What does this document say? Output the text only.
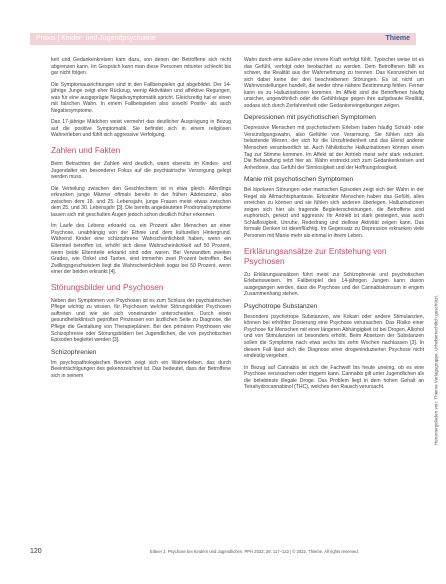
Praxis | Kinder- und Jugendpsychiatrie	Thieme

keit und Gedankenkreisen kam dazu, von denen der Betroffene sich nicht abgrenzen kann. Im Gespräch kann man diese Personen mitunter schlecht bis gar nicht folgen.

Die Symptomausrichtungen sind in den Fallbeispielen gut abgebildet. Der 14-jährige Junge zeigt eher Rückzug, wenig Aktivitäten und affektive Regungen, was für eine ausgeprägte Negativsymptomatik spricht. Gleichzeitig hat er einen mit falschen Wahn. In einem Fallbeispielen also sowohl Positiv- als auch Negativsymptome.

Das 17-jährige Mädchen weist vermehrt das deutlicher Ausprägung in Bezug auf die positive Symptomatik. Sie befindet sich in einem religiösen Wahnerleben und fühlt sich aggressive Verfolgung.

Zahlen und Fakten

Beim Betrachten der Zahlen wird deutlich, wann ebereits im Kindes- und Jugendalter ein besonderer Fokus auf die psychiatrische Versorgung gelegt werden muss.

Die Verteilung zwischen den Geschlechtern ist in etwa gleich. Allerdings erkranken junge Männer oftmals bereits in der frühen Adoleszenz, also zwischen dem 18. und 25. Lebensjahr, junge Frauen meist etwas zwischen dem 25. und 30. Lebensjahr [3]. Die bereits angedeuteten Prodromalsymptome lassen sich mit geschulten Augen jedoch schon deutlich früher erkennen.

Im Laufe des Lebens erkrankt ca. ein Prozent aller Menschen an einer Psychose, unabhängig von der Ethnie und dem kulturellen Hintergrund. Während Kinder eine schizophrene Wahrscheinlichkeit haben, wenn ein Elternteil betroffen ist, erhöht sich diese Wahrscheinlichkeit auf 50 Prozent, wenn beide Elternteile erkrankt sind oder waren. Bei Verwandten zweiten Grades, wie Onkel und Tanten, sind immerhin zwei Prozent betroffen. Bei Zwillingsgeschwistern liegt die Wahrscheinlichkeit sogar bei 50 Prozent, wenn einer der beiden erkrankt [4].

Störungsbilder und Psychosen

Neben den Symptomen von Psychosen ist es zum Schluss der psychiatrischen Pflege wichtig zu wissen, für Psychosen welcher Störungsbilder Psychosen auftreten und wie sie sich voneinander unterscheiden. Durch einen gesundheitsklinisch geprüften Prozessen von ärztlichen Seite zu Diagnose, die Pflege die Gestaltung von Therapieplänen. Bei den primären Psychosen wie Schizophrenie oder Störungsbildern bei Jugendlichen, die von psychotischen Episoden begleitet werden [3].

Schizophrenien

Im psychopathologischen Bereich zeigt sich ein Wahnerleben, das durch Beeinträchtigungen des gekennzeichnet ist. Das bedeutet, dass der Betroffene sich in seinem

Wahn durch eine äußere oder innere Kraft verfolgt fühlt. Typischer weise ist es das Gefühl, verfolgt oder beobachtet zu werden. Dem Betroffenen fällt es schwer, die Realität aus der Wahrnehmung zu trennen. Das Kennzeichen ist sich dabei keine der drei beschriebenen Störungen. Es ist nicht um Wahnvorstellungen handelt, die weder ohne nähere Bestimmung fehlen. Ferner kann es zu Halluzinationen kommen. Im Affekt sind die Betroffenen häufig unsicher, ungewöhnlich oder die Gefühlslage gegen ihre aufgebaute Realität, sodass sich durch Zerfahrenheit oder Gedankeneingebungen zeigen.

Depressionen mit psychotischen Symptomen

Depressive Menschen mit psychotischem Erleben haben häufig Schuld- oder Versündigungswahn, also Gefühle von Verarmung. Sie fühlen sich als belastende Wesen, der sich für die Unzufriedenheit und das Elend anderer Menschen verantwortlich ist. Auch Nihilistische Halluzinationen können einen Tag zur Stimme kommen. Im Affekt ist der Antrieb meist sehr stark reduziert. Die Behandlung setzt hier an. Wahn erstreckt sich zum Gedankenkreisen und Anhedonie, das Gefühl der Sinnlosigkeit und der Hoffnungslosigkeit.

Manie mit psychotischen Symptomen

Bei bipolaren Störungen oder manischen Episoden zeigt sich der Wahn in der Regel als Allmachtsphantasie. Erkrankte Menschen haben das Gefühl, alles erreichen zu können und sie fühlen sich anderen überlegen. Halluzinationen zeigen sich hier als tragende Begleiterscheinungen, die Betroffene sind euphorisch, gereizt und aggressiv. Ihr Antrieb ist stark gesteigert, was auch Schlaflosigkeit, Unruhe, Rededrang und ziellose Aktivität zeigen kann. Das formale Denken ist ideenflüchtig. Im Gegensatz zu Depression erkranken viele Personen mit Manie mehr als einmal in ihrem Leben.

Erklärungsansätze zur Entstehung von Psychosen

Zu Erklärungsansätzen führt meist zur Schizophrenie und psychotischen Erlebensweisen. Im Fallbeispiel des 14-jährigen Jungen kann davon ausgegangen werden, dass die Psychose und der Cannabiskonsum in engem Zusammenhang stehen.

Psychotrope Substanzen

Besonders psychotrope Substanzen, wie Kokain oder andere Stimulanzien, können bei erhöhter Dosierung eine Psychose verursachen. Das Risiko einer Psychose für Menschen mit einer längeren Abhängigkeit ist bei Drogen, Alkohol und von Stimulanzien ist besonders erhöht. Beim Absetzen der Substanzen sollen die Symptome nach etwa sechs bis zehn Wochen nachlassen [3]. In diesem Fall lässt sich die Diagnose einer drogeninduzierten Psychose nicht eindeutig vergeben.

In Bezug auf Cannabis ist sich die Fachwelt bis heute uneinig, ob es eine Psychose verursachen oder triggern kann. Cannabis gilt unter Jugendlichen als die beliebteste illegale Droge. Das Problem liegt in dem hohen Gehalt an Tetrahydrocannabinol (THC), welches den Rausch verursacht.	Heruntergeladen von: Thieme Verlagsgruppe. Urheberrechtlich geschützt.
120	Eibner J. Psychose bei Kindern und Jugendlichen. PPH 2022; 28: 117–122 | © 2022. Thieme. All rights reserved.
